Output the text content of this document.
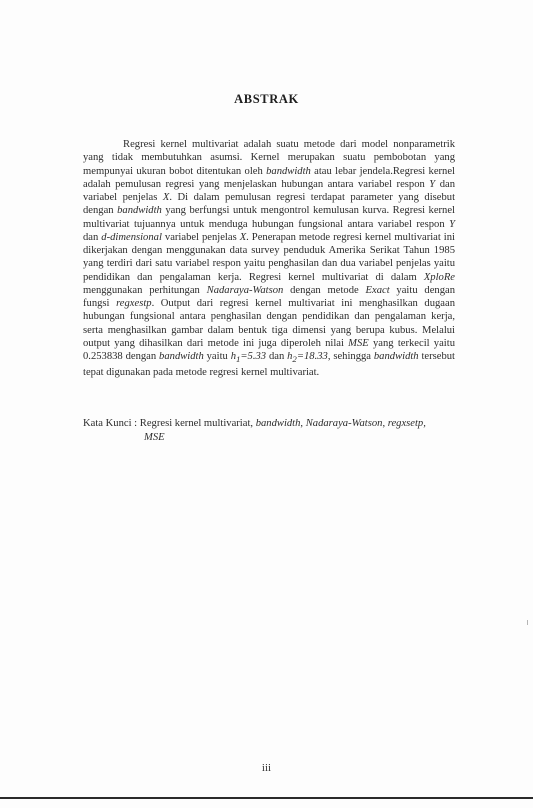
ABSTRAK

Regresi kernel multivariat adalah suatu metode dari model nonparametrik yang tidak membutuhkan asumsi. Kernel merupakan suatu pembobotan yang mempunyai ukuran bobot ditentukan oleh bandwidth atau lebar jendela.Regresi kernel adalah pemulusan regresi yang menjelaskan hubungan antara variabel respon Y dan variabel penjelas X. Di dalam pemulusan regresi terdapat parameter yang disebut dengan bandwidth yang berfungsi untuk mengontrol kemulusan kurva. Regresi kernel multivariat tujuannya untuk menduga hubungan fungsional antara variabel respon Y dan d-dimensional variabel penjelas X. Penerapan metode regresi kernel multivariat ini dikerjakan dengan menggunakan data survey penduduk Amerika Serikat Tahun 1985 yang terdiri dari satu variabel respon yaitu penghasilan dan dua variabel penjelas yaitu pendidikan dan pengalaman kerja. Regresi kernel multivariat di dalam XploRe menggunakan perhitungan Nadaraya-Watson dengan metode Exact yaitu dengan fungsi regxestp. Output dari regresi kernel multivariat ini menghasilkan dugaan hubungan fungsional antara penghasilan dengan pendidikan dan pengalaman kerja, serta menghasilkan gambar dalam bentuk tiga dimensi yang berupa kubus. Melalui output yang dihasilkan dari metode ini juga diperoleh nilai MSE yang terkecil yaitu 0.253838 dengan bandwidth yaitu $h_1=5.33$ dan $h_2=18.33$, sehingga bandwidth tersebut tepat digunakan pada metode regresi kernel multivariat.

Kata Kunci : Regresi kernel multivariat, bandwidth, Nadaraya-Watson, regxsetp,
MSE

iii
